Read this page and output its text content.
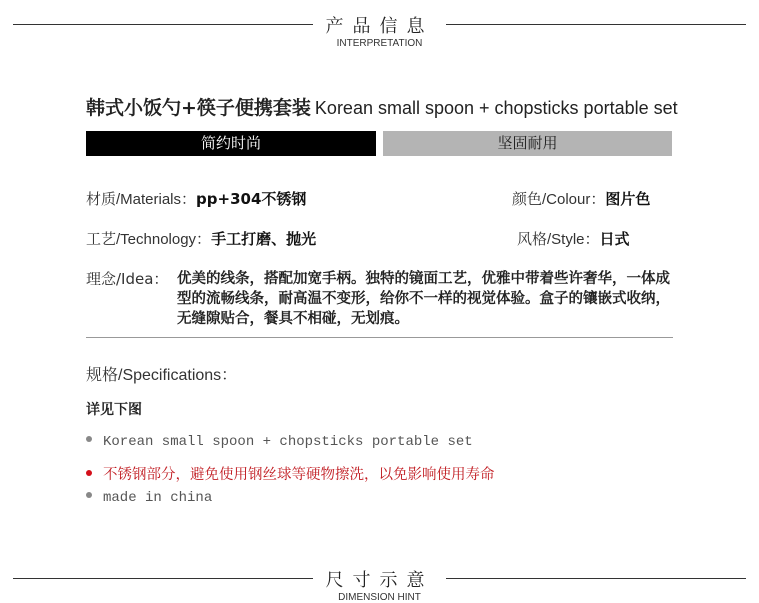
产品信息
INTERPRETATION
韩式小饭勺+筷子便携套装 Korean small spoon + chopsticks portable set
简约时尚	坚固耐用
材质/Materials：pp+304不锈钢	颜色/Colour：图片色
工艺/Technology：手工打磨、抛光	风格/Style：日式
理念/Idea： 优美的线条，搭配加宽手柄。独特的镜面工艺，优雅中带着些许奢华，一体成型的流畅线条，耐高温不变形，给你不一样的视觉体验。盒子的镶嵌式收纳，无缝隙贴合，餐具不相碰，无划痕。
规格/Specifications：
详见下图
Korean small spoon + chopsticks portable set
不锈钢部分，避免使用钢丝球等硬物擦洗，以免影响使用寿命
made in china
尺寸示意
DIMENSION HINT
